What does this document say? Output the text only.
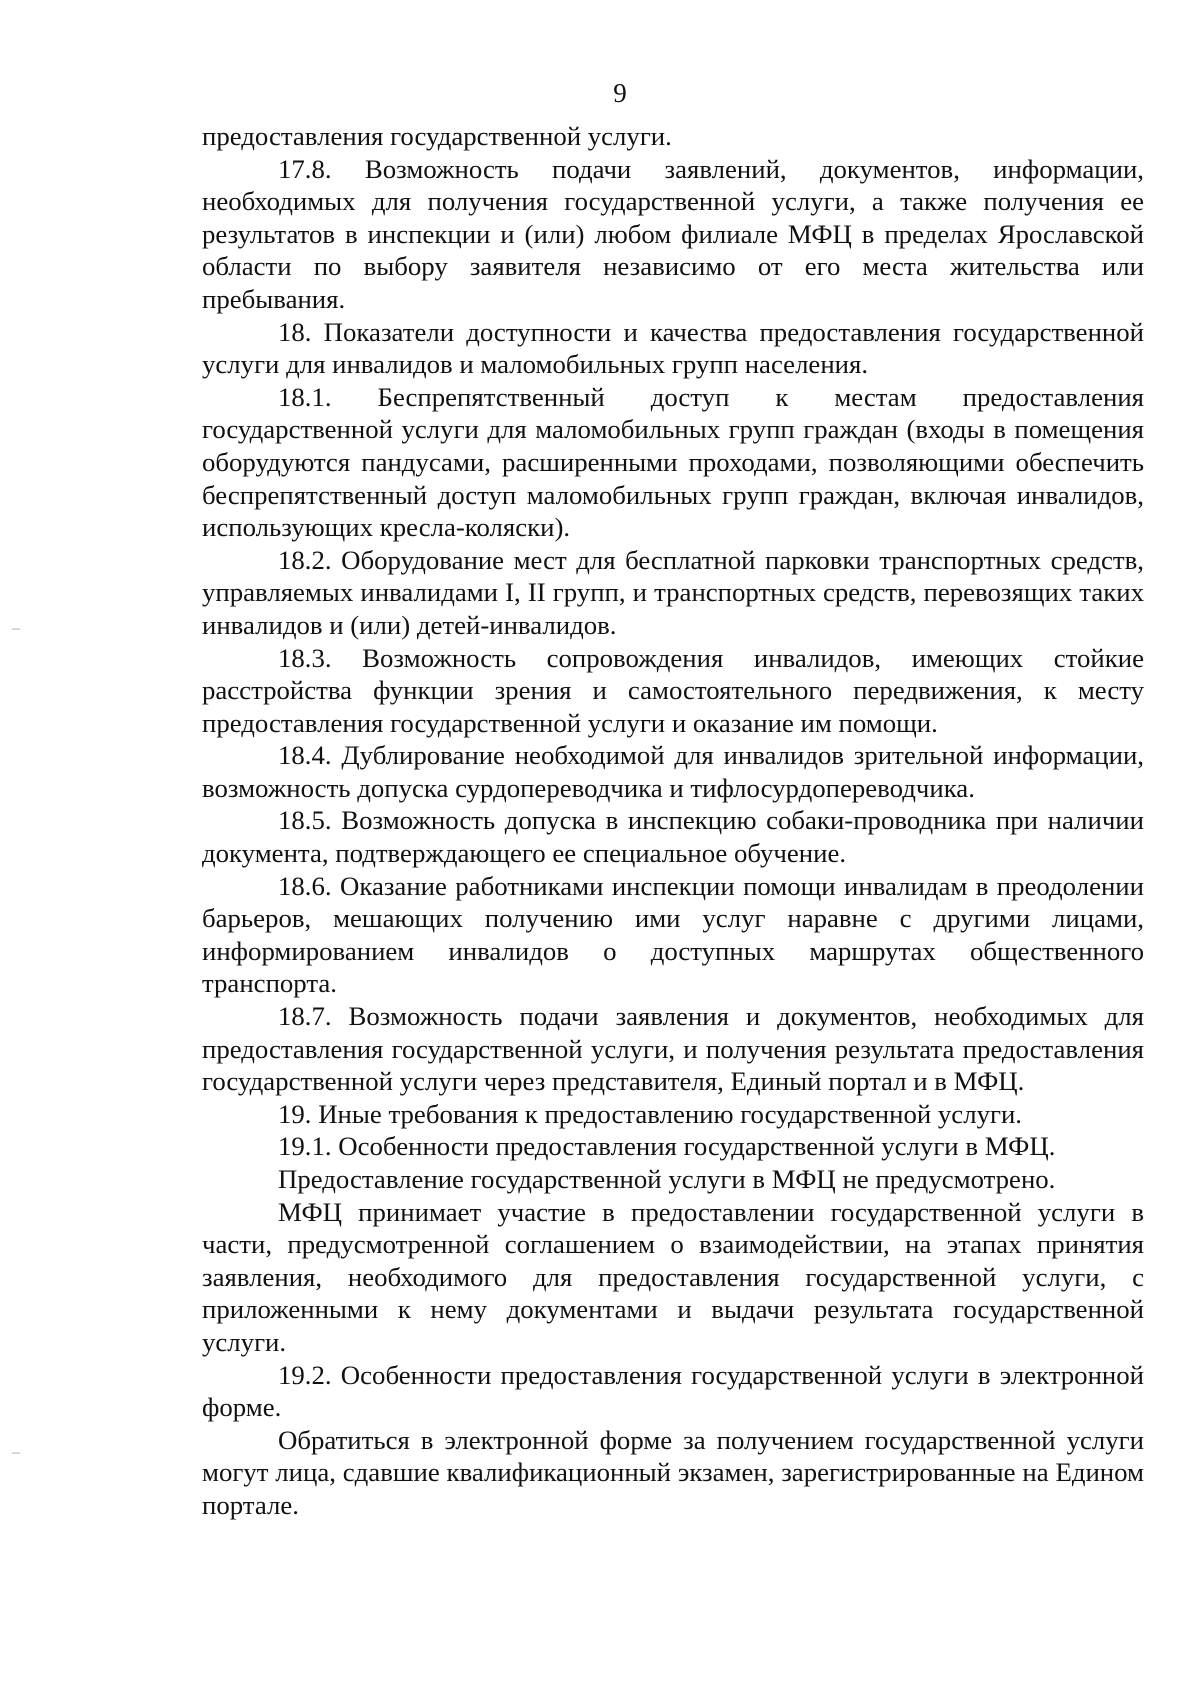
9

предоставления государственной услуги.

17.8. Возможность подачи заявлений, документов, информации, необходимых для получения государственной услуги, а также получения ее результатов в инспекции и (или) любом филиале МФЦ в пределах Ярославской области по выбору заявителя независимо от его места жительства или пребывания.

18. Показатели доступности и качества предоставления государственной услуги для инвалидов и маломобильных групп населения.

18.1. Беспрепятственный доступ к местам предоставления государственной услуги для маломобильных групп граждан (входы в помещения оборудуются пандусами, расширенными проходами, позволяющими обеспечить беспрепятственный доступ маломобильных групп граждан, включая инвалидов, использующих кресла-коляски).

18.2. Оборудование мест для бесплатной парковки транспортных средств, управляемых инвалидами I, II групп, и транспортных средств, перевозящих таких инвалидов и (или) детей-инвалидов.

18.3. Возможность сопровождения инвалидов, имеющих стойкие расстройства функции зрения и самостоятельного передвижения, к месту предоставления государственной услуги и оказание им помощи.

18.4. Дублирование необходимой для инвалидов зрительной информации, возможность допуска сурдопереводчика и тифлосурдопереводчика.

18.5. Возможность допуска в инспекцию собаки-проводника при наличии документа, подтверждающего ее специальное обучение.

18.6. Оказание работниками инспекции помощи инвалидам в преодолении барьеров, мешающих получению ими услуг наравне с другими лицами, информированием инвалидов о доступных маршрутах общественного транспорта.

18.7. Возможность подачи заявления и документов, необходимых для предоставления государственной услуги, и получения результата предоставления государственной услуги через представителя, Единый портал и в МФЦ.

19. Иные требования к предоставлению государственной услуги.

19.1. Особенности предоставления государственной услуги в МФЦ.

Предоставление государственной услуги в МФЦ не предусмотрено.

МФЦ принимает участие в предоставлении государственной услуги в части, предусмотренной соглашением о взаимодействии, на этапах принятия заявления, необходимого для предоставления государственной услуги, с приложенными к нему документами и выдачи результата государственной услуги.

19.2. Особенности предоставления государственной услуги в электронной форме.

Обратиться в электронной форме за получением государственной услуги могут лица, сдавшие квалификационный экзамен, зарегистрированные на Едином портале.
